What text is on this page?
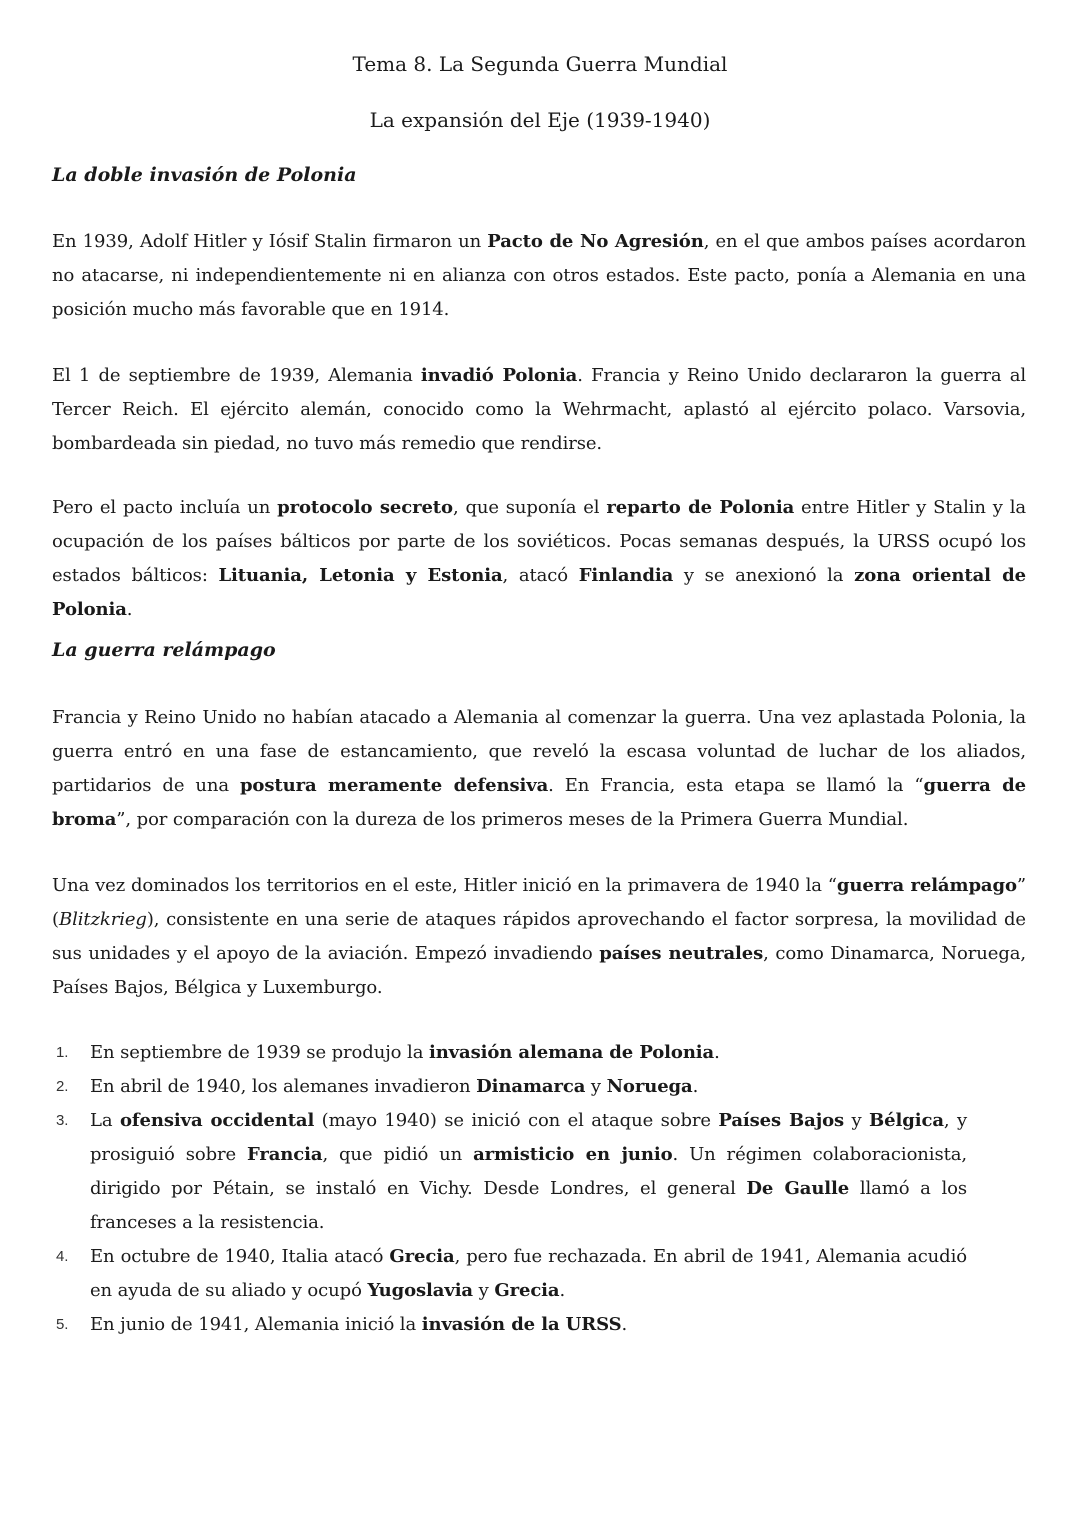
Tema 8. La Segunda Guerra Mundial
La expansión del Eje (1939-1940)
La doble invasión de Polonia

En 1939, Adolf Hitler y Iósif Stalin firmaron un Pacto de No Agresión, en el que ambos países acordaron no atacarse, ni independientemente ni en alianza con otros estados. Este pacto, ponía a Alemania en una posición mucho más favorable que en 1914.

El 1 de septiembre de 1939, Alemania invadió Polonia. Francia y Reino Unido declararon la guerra al Tercer Reich. El ejército alemán, conocido como la Wehrmacht, aplastó al ejército polaco. Varsovia, bombardeada sin piedad, no tuvo más remedio que rendirse.

Pero el pacto incluía un protocolo secreto, que suponía el reparto de Polonia entre Hitler y Stalin y la ocupación de los países bálticos por parte de los soviéticos. Pocas semanas después, la URSS ocupó los estados bálticos: Lituania, Letonia y Estonia, atacó Finlandia y se anexionó la zona oriental de Polonia.

La guerra relámpago

Francia y Reino Unido no habían atacado a Alemania al comenzar la guerra. Una vez aplastada Polonia, la guerra entró en una fase de estancamiento, que reveló la escasa voluntad de luchar de los aliados, partidarios de una postura meramente defensiva. En Francia, esta etapa se llamó la “guerra de broma”, por comparación con la dureza de los primeros meses de la Primera Guerra Mundial.

Una vez dominados los territorios en el este, Hitler inició en la primavera de 1940 la “guerra relámpago” (Blitzkrieg), consistente en una serie de ataques rápidos aprovechando el factor sorpresa, la movilidad de sus unidades y el apoyo de la aviación. Empezó invadiendo países neutrales, como Dinamarca, Noruega, Países Bajos, Bélgica y Luxemburgo.

1. En septiembre de 1939 se produjo la invasión alemana de Polonia.
2. En abril de 1940, los alemanes invadieron Dinamarca y Noruega.
3. La ofensiva occidental (mayo 1940) se inició con el ataque sobre Países Bajos y Bélgica, y prosiguió sobre Francia, que pidió un armisticio en junio. Un régimen colaboracionista, dirigido por Pétain, se instaló en Vichy. Desde Londres, el general De Gaulle llamó a los franceses a la resistencia.
4. En octubre de 1940, Italia atacó Grecia, pero fue rechazada. En abril de 1941, Alemania acudió en ayuda de su aliado y ocupó Yugoslavia y Grecia.
5. En junio de 1941, Alemania inició la invasión de la URSS.
